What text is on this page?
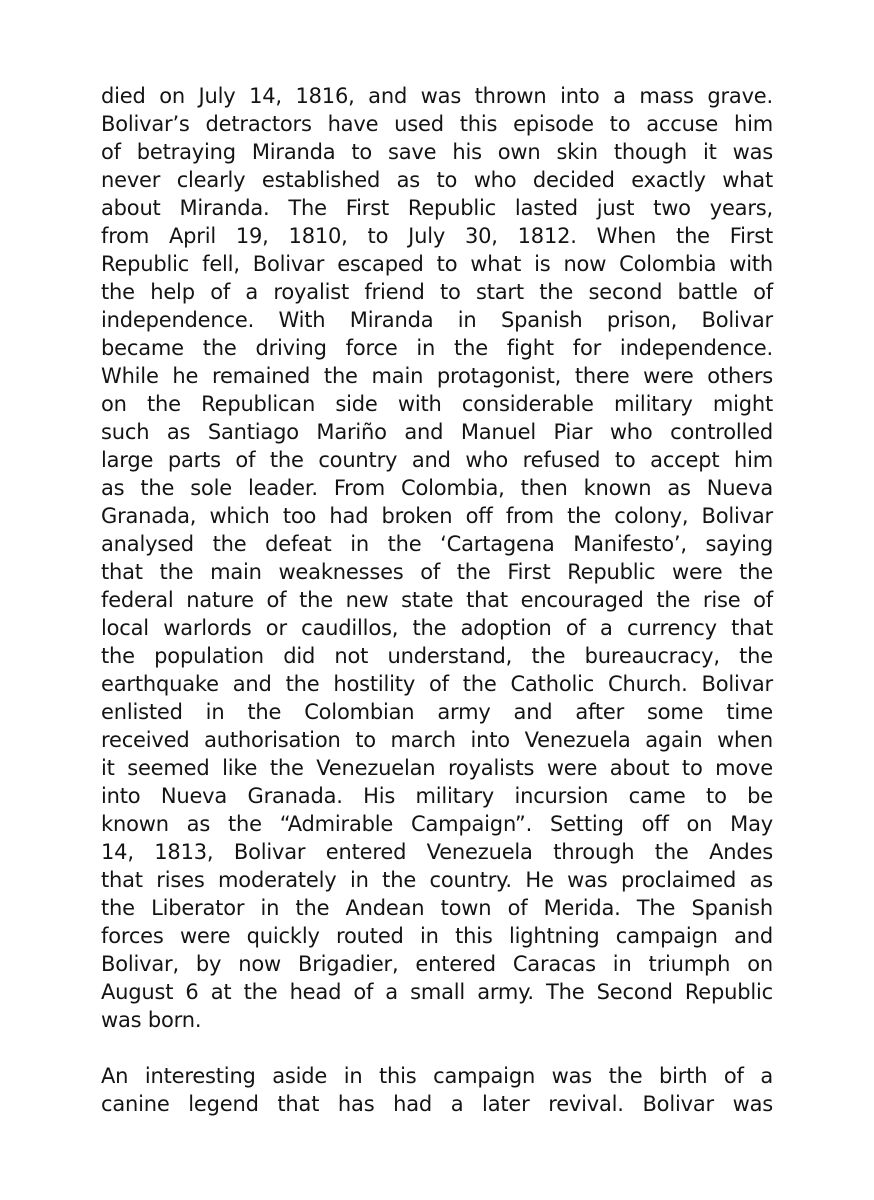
died on July 14, 1816, and was thrown into a mass grave.
Bolivar’s detractors have used this episode to accuse him
of betraying Miranda to save his own skin though it was
never clearly established as to who decided exactly what
about Miranda. The First Republic lasted just two years,
from April 19, 1810, to July 30, 1812. When the First
Republic fell, Bolivar escaped to what is now Colombia with
the help of a royalist friend to start the second battle of
independence. With Miranda in Spanish prison, Bolivar
became the driving force in the fight for independence.
While he remained the main protagonist, there were others
on the Republican side with considerable military might
such as Santiago Mariño and Manuel Piar who controlled
large parts of the country and who refused to accept him
as the sole leader. From Colombia, then known as Nueva
Granada, which too had broken off from the colony, Bolivar
analysed the defeat in the ‘Cartagena Manifesto’, saying
that the main weaknesses of the First Republic were the
federal nature of the new state that encouraged the rise of
local warlords or caudillos, the adoption of a currency that
the population did not understand, the bureaucracy, the
earthquake and the hostility of the Catholic Church. Bolivar
enlisted in the Colombian army and after some time
received authorisation to march into Venezuela again when
it seemed like the Venezuelan royalists were about to move
into Nueva Granada. His military incursion came to be
known as the “Admirable Campaign”. Setting off on May
14, 1813, Bolivar entered Venezuela through the Andes
that rises moderately in the country. He was proclaimed as
the Liberator in the Andean town of Merida. The Spanish
forces were quickly routed in this lightning campaign and
Bolivar, by now Brigadier, entered Caracas in triumph on
August 6 at the head of a small army. The Second Republic
was born.
An interesting aside in this campaign was the birth of a
canine legend that has had a later revival. Bolivar was
